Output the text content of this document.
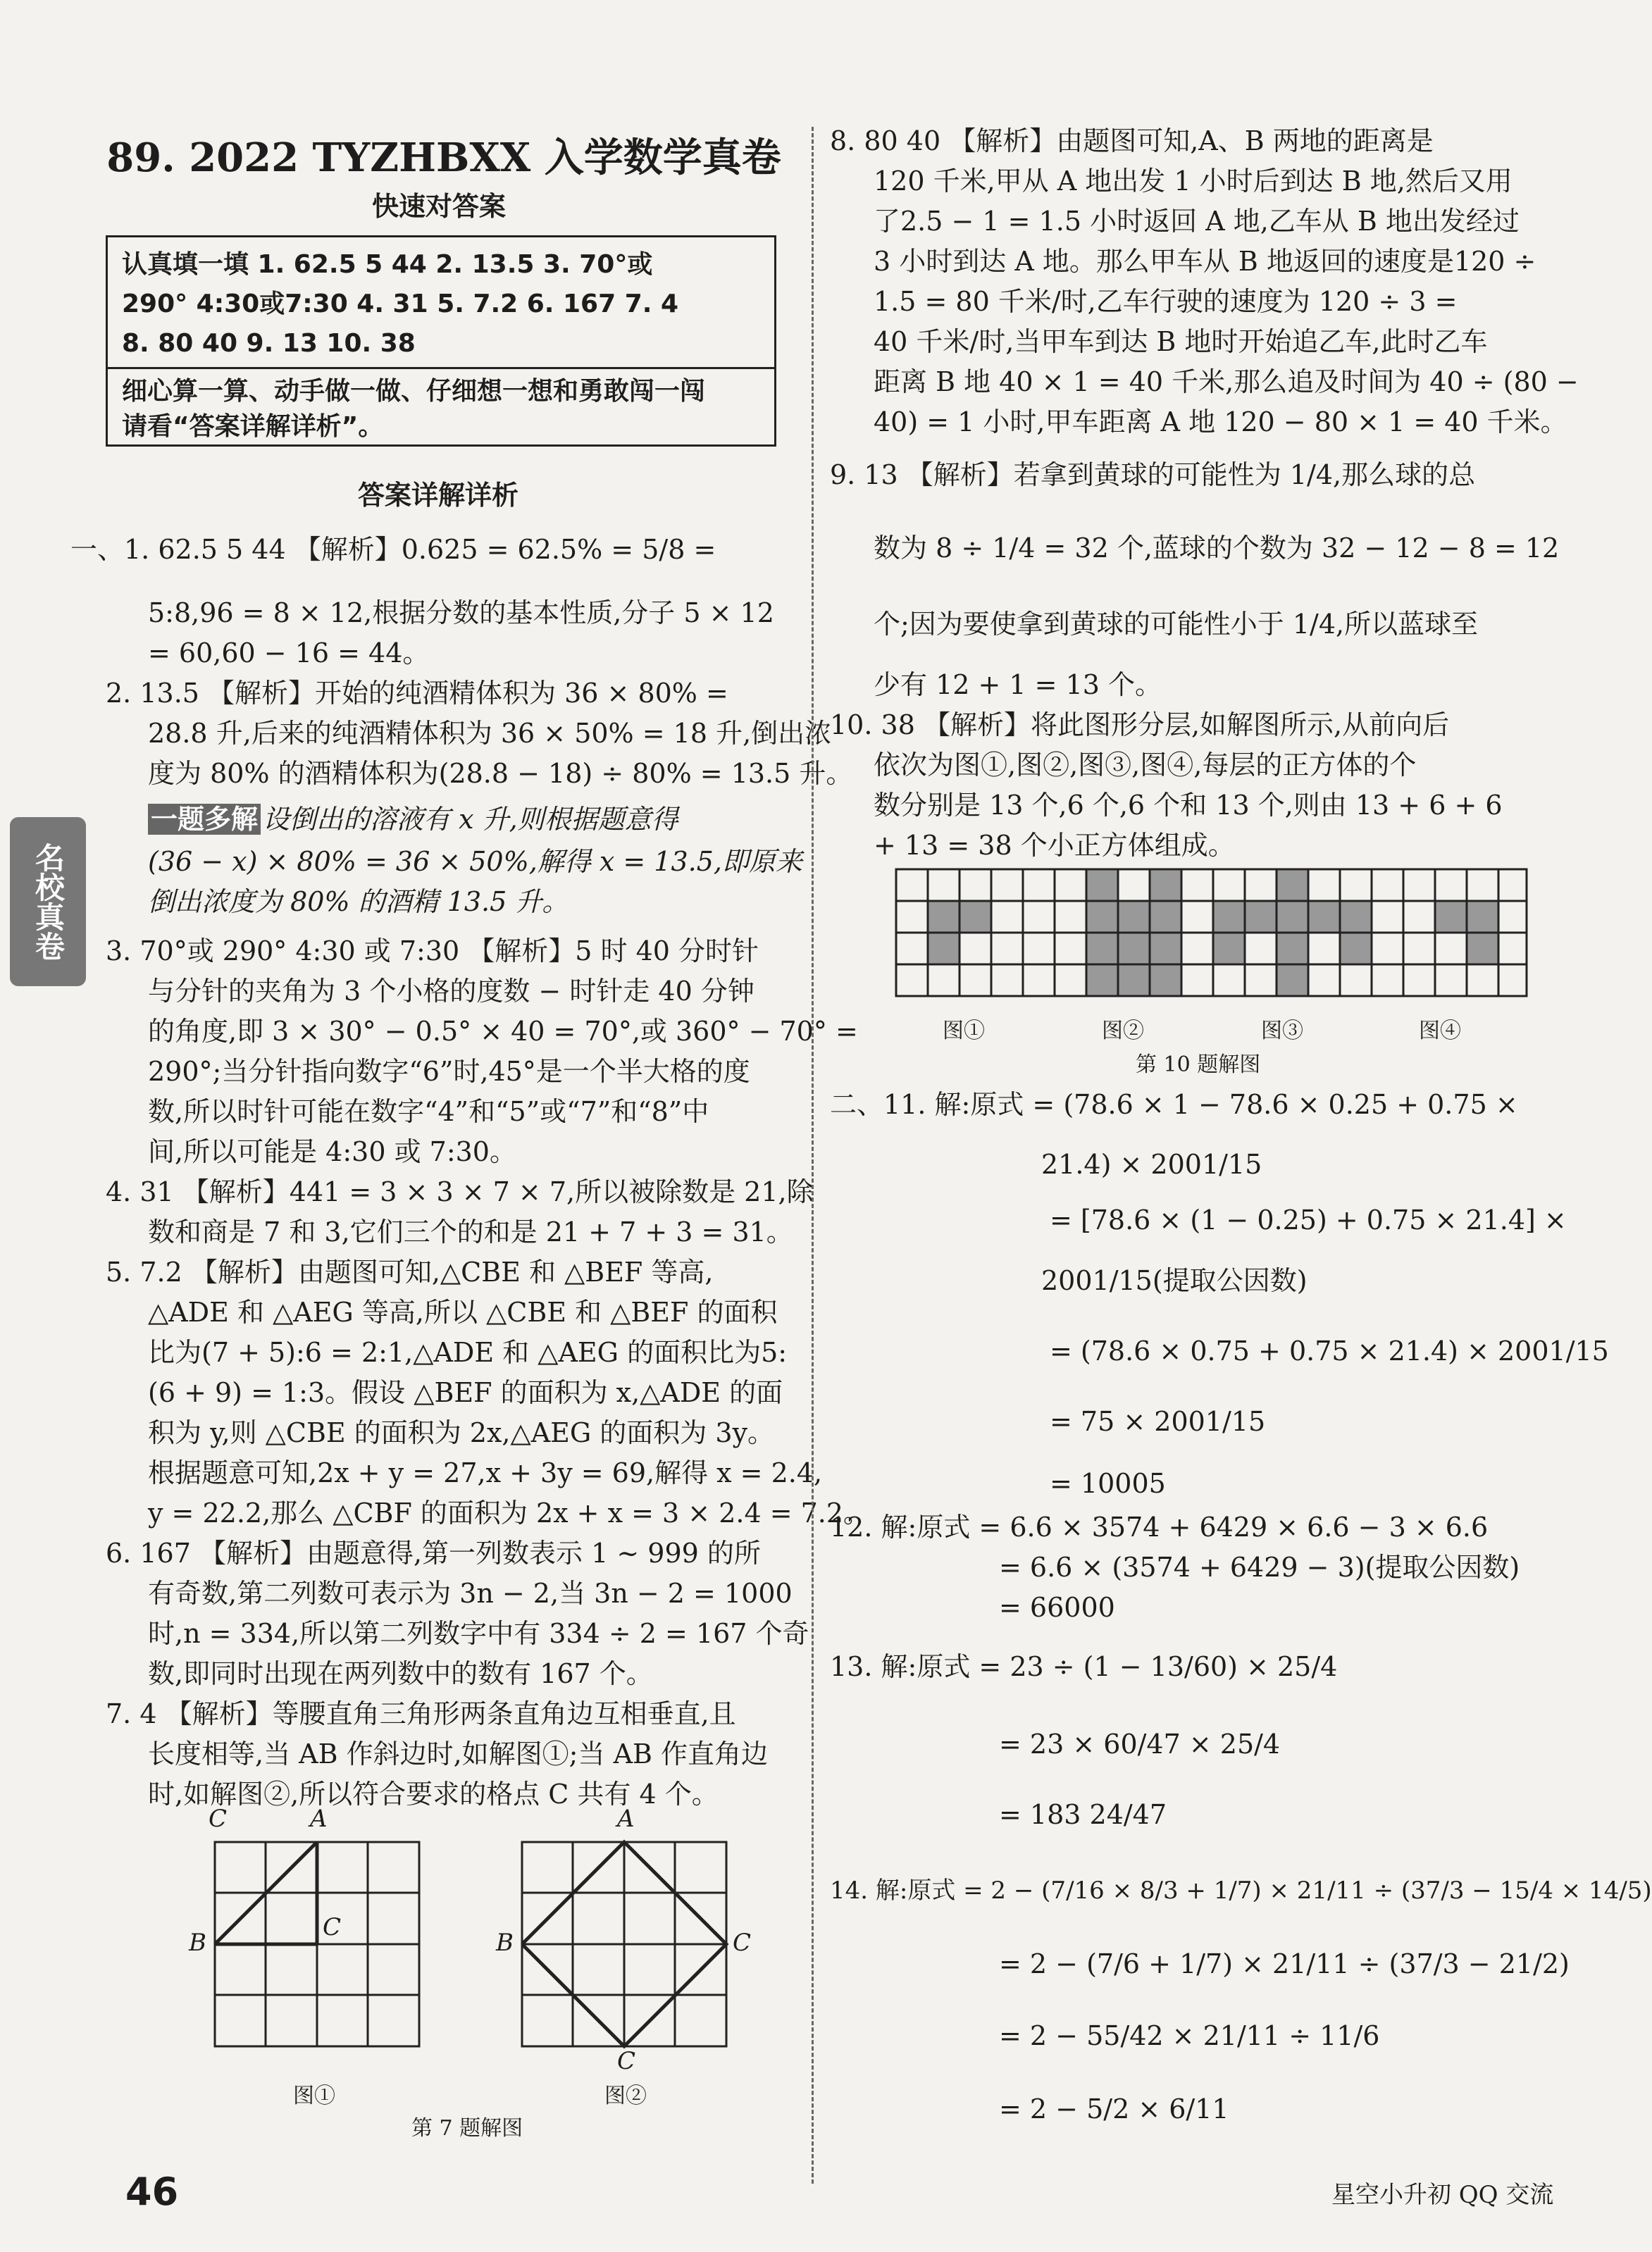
89. 2022 TYZHBXX 入学数学真卷
快速对答案
认真填一填 1. 62.5 5 44 2. 13.5 3. 70°或
290° 4:30或7:30 4. 31 5. 7.2 6. 167 7. 4
8. 80 40 9. 13 10. 38
细心算一算、动手做一做、仔细想一想和勇敢闯一闯
请看“答案详解详析”。
答案详解详析
名校真卷
一、1. 62.5 5 44 【解析】0.625 = 62.5% = 5/8 =
5:8,96 = 8 × 12,根据分数的基本性质,分子 5 × 12
= 60,60 − 16 = 44。
2. 13.5 【解析】开始的纯酒精体积为 36 × 80% =
28.8 升,后来的纯酒精体积为 36 × 50% = 18 升,倒出浓
度为 80% 的酒精体积为(28.8 − 18) ÷ 80% = 13.5 升。
一题多解 设倒出的溶液有 x 升,则根据题意得
(36 − x) × 80% = 36 × 50%,解得 x = 13.5,即原来
倒出浓度为 80% 的酒精 13.5 升。
3. 70°或 290° 4:30 或 7:30 【解析】5 时 40 分时针
与分针的夹角为 3 个小格的度数 − 时针走 40 分钟
的角度,即 3 × 30° − 0.5° × 40 = 70°,或 360° − 70° =
290°;当分针指向数字“6”时,45°是一个半大格的度
数,所以时针可能在数字“4”和“5”或“7”和“8”中
间,所以可能是 4:30 或 7:30。
4. 31 【解析】441 = 3 × 3 × 7 × 7,所以被除数是 21,除
数和商是 7 和 3,它们三个的和是 21 + 7 + 3 = 31。
5. 7.2 【解析】由题图可知,△CBE 和 △BEF 等高,
△ADE 和 △AEG 等高,所以 △CBE 和 △BEF 的面积
比为(7 + 5):6 = 2:1,△ADE 和 △AEG 的面积比为5:
(6 + 9) = 1:3。假设 △BEF 的面积为 x,△ADE 的面
积为 y,则 △CBE 的面积为 2x,△AEG 的面积为 3y。
根据题意可知,2x + y = 27,x + 3y = 69,解得 x = 2.4,
y = 22.2,那么 △CBF 的面积为 2x + x = 3 × 2.4 = 7.2。
6. 167 【解析】由题意得,第一列数表示 1 ~ 999 的所
有奇数,第二列数可表示为 3n − 2,当 3n − 2 = 1000
时,n = 334,所以第二列数字中有 334 ÷ 2 = 167 个奇
数,即同时出现在两列数中的数有 167 个。
7. 4 【解析】等腰直角三角形两条直角边互相垂直,且
长度相等,当 AB 作斜边时,如解图①;当 AB 作直角边
时,如解图②,所以符合要求的格点 C 共有 4 个。
C	A
B
C
图①
A
B	C
C
图②
第 7 题解图
8. 80 40 【解析】由题图可知,A、B 两地的距离是
120 千米,甲从 A 地出发 1 小时后到达 B 地,然后又用
了2.5 − 1 = 1.5 小时返回 A 地,乙车从 B 地出发经过
3 小时到达 A 地。那么甲车从 B 地返回的速度是120 ÷
1.5 = 80 千米/时,乙车行驶的速度为 120 ÷ 3 =
40 千米/时,当甲车到达 B 地时开始追乙车,此时乙车
距离 B 地 40 × 1 = 40 千米,那么追及时间为 40 ÷ (80 −
40) = 1 小时,甲车距离 A 地 120 − 80 × 1 = 40 千米。
9. 13 【解析】若拿到黄球的可能性为 1/4,那么球的总
数为 8 ÷ 1/4 = 32 个,蓝球的个数为 32 − 12 − 8 = 12
个;因为要使拿到黄球的可能性小于 1/4,所以蓝球至
少有 12 + 1 = 13 个。
10. 38 【解析】将此图形分层,如解图所示,从前向后
依次为图①,图②,图③,图④,每层的正方体的个
数分别是 13 个,6 个,6 个和 13 个,则由 13 + 6 + 6
+ 13 = 38 个小正方体组成。
图①	图②	图③	图④
第 10 题解图
二、11. 解:原式 = (78.6 × 1 − 78.6 × 0.25 + 0.75 ×
21.4) × 2001/15
= [78.6 × (1 − 0.25) + 0.75 × 21.4] ×
2001/15(提取公因数)
= (78.6 × 0.75 + 0.75 × 21.4) × 2001/15
= 75 × 2001/15
= 10005
12. 解:原式 = 6.6 × 3574 + 6429 × 6.6 − 3 × 6.6
= 6.6 × (3574 + 6429 − 3)(提取公因数)
= 66000
13. 解:原式 = 23 ÷ (1 − 13/60) × 25/4
= 23 × 60/47 × 25/4
= 183 24/47
14. 解:原式 = 2 − (7/16 × 8/3 + 1/7) × 21/11 ÷ (37/3 − 15/4 × 14/5)
= 2 − (7/6 + 1/7) × 21/11 ÷ (37/3 − 21/2)
= 2 − 55/42 × 21/11 ÷ 11/6
= 2 − 5/2 × 6/11
46	星空小升初 QQ 交流
